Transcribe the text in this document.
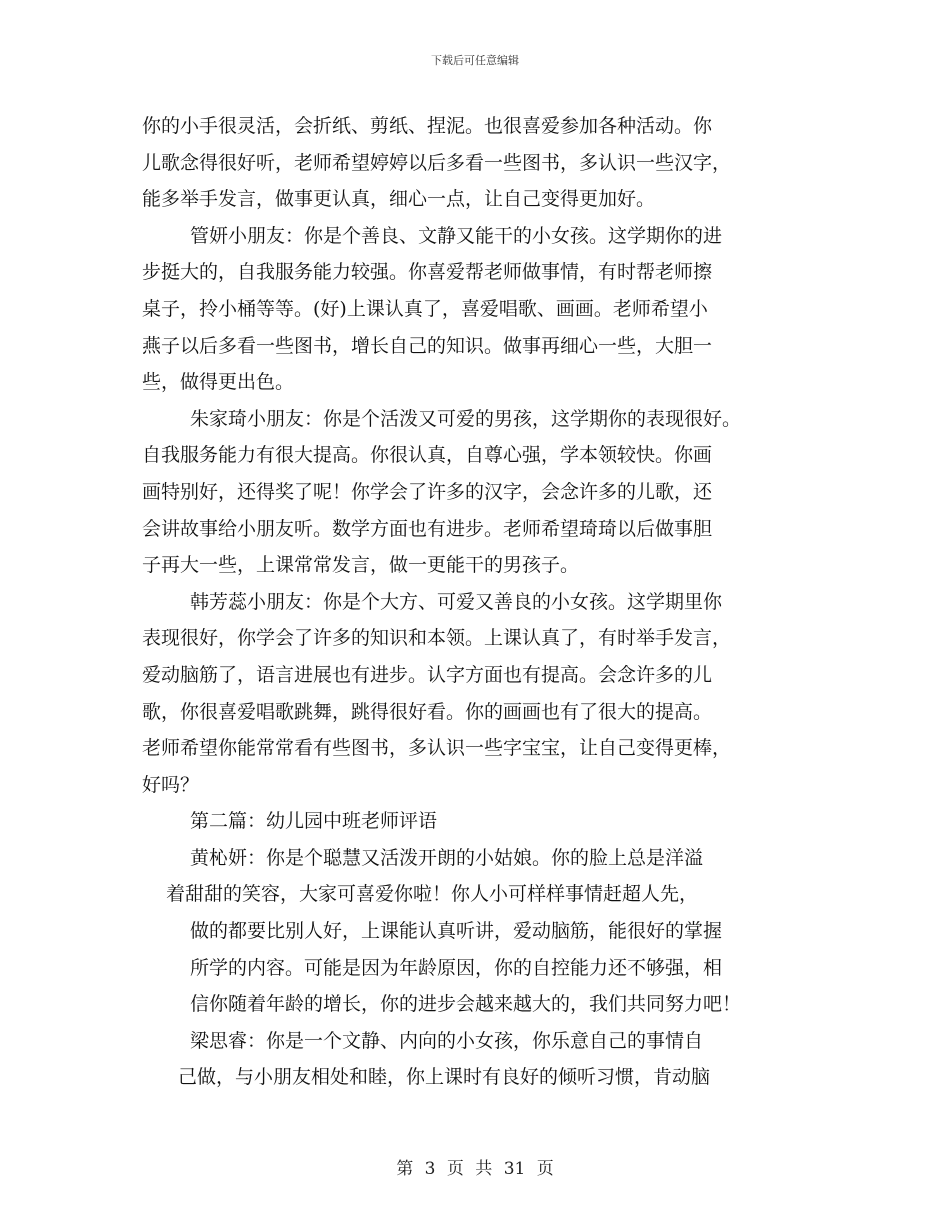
下载后可任意编辑
你的小手很灵活，会折纸、剪纸、捏泥。也很喜爱参加各种活动。你
儿歌念得很好听，老师希望婷婷以后多看一些图书，多认识一些汉字，
能多举手发言，做事更认真，细心一点，让自己变得更加好。
管妍小朋友：你是个善良、文静又能干的小女孩。这学期你的进
步挺大的，自我服务能力较强。你喜爱帮老师做事情，有时帮老师擦
桌子，拎小桶等等。(好)上课认真了，喜爱唱歌、画画。老师希望小
燕子以后多看一些图书，增长自己的知识。做事再细心一些，大胆一
些，做得更出色。
朱家琦小朋友：你是个活泼又可爱的男孩，这学期你的表现很好。
自我服务能力有很大提高。你很认真，自尊心强，学本领较快。你画
画特别好，还得奖了呢！你学会了许多的汉字，会念许多的儿歌，还
会讲故事给小朋友听。数学方面也有进步。老师希望琦琦以后做事胆
子再大一些，上课常常发言，做一更能干的男孩子。
韩芳蕊小朋友：你是个大方、可爱又善良的小女孩。这学期里你
表现很好，你学会了许多的知识和本领。上课认真了，有时举手发言，
爱动脑筋了，语言进展也有进步。认字方面也有提高。会念许多的儿
歌，你很喜爱唱歌跳舞，跳得很好看。你的画画也有了很大的提高。
老师希望你能常常看有些图书，多认识一些字宝宝，让自己变得更棒，
好吗？
第二篇：幼儿园中班老师评语
黄杺妍：你是个聪慧又活泼开朗的小姑娘。你的脸上总是洋溢
着甜甜的笑容，大家可喜爱你啦！你人小可样样事情赶超人先，
做的都要比别人好，上课能认真听讲，爱动脑筋，能很好的掌握
所学的内容。可能是因为年龄原因，你的自控能力还不够强，相
信你随着年龄的增长，你的进步会越来越大的，我们共同努力吧！
梁思睿：你是一个文静、内向的小女孩，你乐意自己的事情自
己做，与小朋友相处和睦，你上课时有良好的倾听习惯，肯动脑
第 3 页 共 31 页
